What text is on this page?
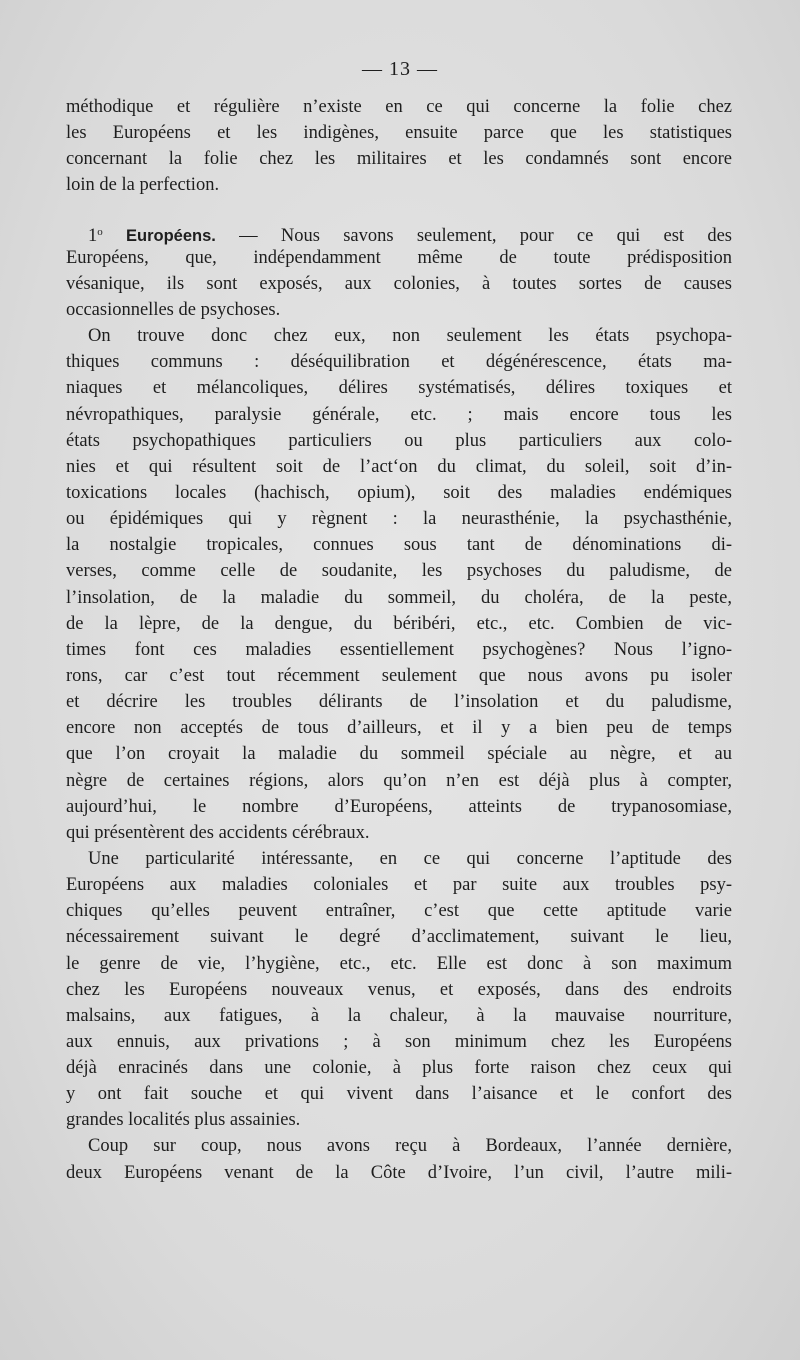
— 13 —
méthodique et régulière n’existe en ce qui concerne la folie chez
les Européens et les indigènes, ensuite parce que les statistiques
concernant la folie chez les militaires et les condamnés sont encore
loin de la perfection.
1$^o$ Européens. — Nous savons seulement, pour ce qui est des
Européens, que, indépendamment même de toute prédisposition
vésanique, ils sont exposés, aux colonies, à toutes sortes de causes
occasionnelles de psychoses.
On trouve donc chez eux, non seulement les états psychopa-
thiques communs : déséquilibration et dégénérescence, états ma-
niaques et mélancoliques, délires systématisés, délires toxiques et
névropathiques, paralysie générale, etc. ; mais encore tous les
états psychopathiques particuliers ou plus particuliers aux colo-
nies et qui résultent soit de l’act‘on du climat, du soleil, soit d’in-
toxications locales (hachisch, opium), soit des maladies endémiques
ou épidémiques qui y règnent : la neurasthénie, la psychasthénie,
la nostalgie tropicales, connues sous tant de dénominations di-
verses, comme celle de soudanite, les psychoses du paludisme, de
l’insolation, de la maladie du sommeil, du choléra, de la peste,
de la lèpre, de la dengue, du béribéri, etc., etc. Combien de vic-
times font ces maladies essentiellement psychogènes? Nous l’igno-
rons, car c’est tout récemment seulement que nous avons pu isoler
et décrire les troubles délirants de l’insolation et du paludisme,
encore non acceptés de tous d’ailleurs, et il y a bien peu de temps
que l’on croyait la maladie du sommeil spéciale au nègre, et au
nègre de certaines régions, alors qu’on n’en est déjà plus à compter,
aujourd’hui, le nombre d’Européens, atteints de trypanosomiase,
qui présentèrent des accidents cérébraux.
Une particularité intéressante, en ce qui concerne l’aptitude des
Européens aux maladies coloniales et par suite aux troubles psy-
chiques qu’elles peuvent entraîner, c’est que cette aptitude varie
nécessairement suivant le degré d’acclimatement, suivant le lieu,
le genre de vie, l’hygiène, etc., etc. Elle est donc à son maximum
chez les Européens nouveaux venus, et exposés, dans des endroits
malsains, aux fatigues, à la chaleur, à la mauvaise nourriture,
aux ennuis, aux privations ; à son minimum chez les Européens
déjà enracinés dans une colonie, à plus forte raison chez ceux qui
y ont fait souche et qui vivent dans l’aisance et le confort des
grandes localités plus assainies.
Coup sur coup, nous avons reçu à Bordeaux, l’année dernière,
deux Européens venant de la Côte d’Ivoire, l’un civil, l’autre mili-
